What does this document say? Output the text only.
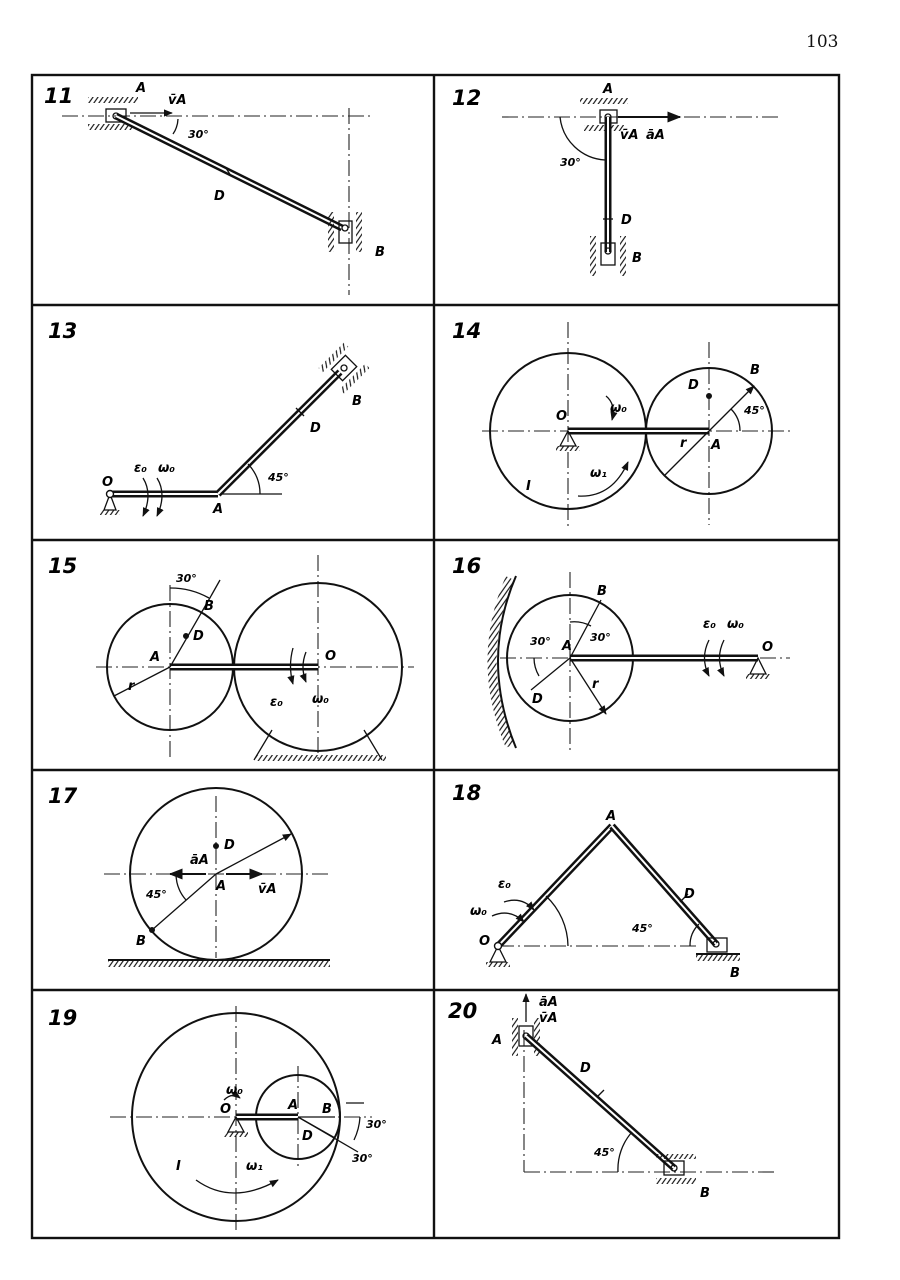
103
11	A
v̄A
30°
D
B
12	A
v̄A āA
30°
D
B
13
ε₀ ω₀
O
A
45°
D
B
14
O
ω₀
ω₁
I
D
B
45°
A
r
15
30°
B
D
A
r
O
ε₀ ω₀
16
B
30°
30° A
D
r
ε₀ ω₀
O
17
D
āA
A v̄A
45°
B
18
A
D
45°
ε₀
ω₀
O
B
19
ω₀
O	A B
D
30°
30°
I	ω₁
20	āA
v̄A
A
D
45°
B
